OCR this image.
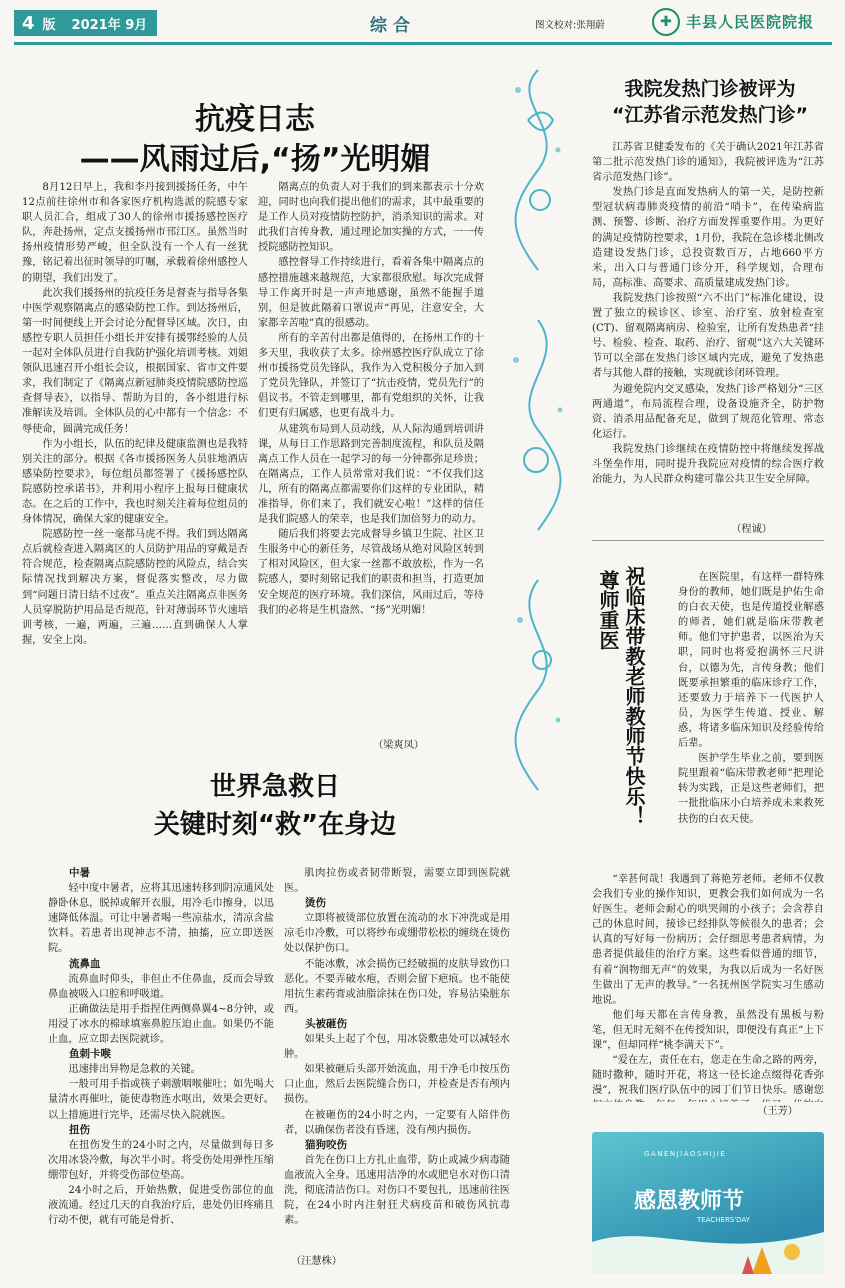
4 版 2021年 9月	综合	图文校对:张翔蔚	✚ 丰县人民医院院报
抗疫日志
——风雨过后,“扬”光明媚

8月12日早上，我和李丹接到援扬任务，中午12点前往徐州市和各家医疗机构选派的院感专家职人员汇合，组成了30人的徐州市援扬感控医疗队，奔赴扬州，定点支援扬州市邗江区。虽然当时扬州疫情形势严峻，但全队没有一个人有一丝犹豫，铭记着出征时领导的叮嘱，承载着徐州感控人的期望，我们出发了。

此次我们援扬州的抗疫任务是督查与指导各集中医学观察隔离点的感染防控工作。到达扬州后，第一时间便线上开会讨论分配督导区域。次日，由感控专职人员担任小组长并安排有援鄂经验的人员一起对全体队员进行自我防护强化培训考核。刘姐领队迅速召开小组长会议，根据国家、省市文件要求，我们制定了《隔离点新冠肺炎疫情院感防控巡查督导表》，以指导、帮助为目的，各小组进行标准解读及培训。全体队员的心中都有一个信念：不辱使命，圆满完成任务！

作为小组长，队伍的纪律及健康监测也是我特别关注的部分。根据《各市援扬医务人员驻地酒店感染防控要求》，每位组员都签署了《援扬感控队院感防控承诺书》，并利用小程序上报每日健康状态。在之后的工作中，我也时刻关注着每位组员的身体情况，确保大家的健康安全。

院感防控一丝一毫都马虎不得。我们到达隔离点后就检查进入隔离区的人员防护用品的穿戴是否符合规范，检查隔离点院感防控的风险点，结合实际情况找到解决方案，督促落实整改，尽力做到“问题日清日结不过夜”。重点关注隔离点非医务人员穿脱防护用品是否规范，针对薄弱环节火速培训考核，一遍，两遍，三遍……直到确保人人掌握，安全上岗。

隔离点的负责人对于我们的到来都表示十分欢迎，同时也向我们提出他们的需求，其中最重要的是工作人员对疫情防控防护，消杀知识的需求。对此我们言传身教，通过理论加实操的方式，一一传授院感防控知识。

感控督导工作持续进行，看着各集中隔离点的感控措施越来越规范，大家都很欣慰。每次完成督导工作离开时是一声声地感谢，虽然不能握手道别，但是彼此隔着口罩说声“再见，注意安全，大家都辛苦啦”真的很感动。

所有的辛苦付出都是值得的，在扬州工作的十多天里，我收获了太多。徐州感控医疗队成立了徐州市援扬党员先锋队，我作为入党积极分子加入到了党员先锋队，并签订了“抗击疫情，党员先行”的倡议书。不管走到哪里，都有党组织的关怀，让我们更有归属感，也更有战斗力。

从建筑布局到人员动线，从人际沟通到培训讲课，从每日工作思路到完善制度流程，和队员及隔离点工作人员在一起学习的每一分钟都弥足珍贵；在隔离点，工作人员常常对我们说：“不仅我们这儿，所有的隔离点都需要你们这样的专业团队，精准指导，你们来了，我们就安心啦！”这样的信任是我们院感人的荣幸，也是我们加倍努力的动力。

随后我们将要去完成督导乡镇卫生院、社区卫生服务中心的新任务，尽管战场从绝对风险区转到了相对风险区，但大家一丝都不敢放松，作为一名院感人，要时刻铭记我们的职责和担当，打造更加安全规范的医疗环境。我们深信，风雨过后，等待我们的必将是生机盎然、“扬”光明媚！

（梁爽凤）
世界急救日
关键时刻“救”在身边

中暑

轻中度中暑者，应将其迅速转移到阴凉通风处静卧休息，脱掉或解开衣服，用冷毛巾擦身，以迅速降低体温。可让中暑者喝一些凉盐水，清凉含盐饮料。若患者出现神志不清，抽搐，应立即送医院。

流鼻血

流鼻血时仰头，非但止不住鼻血，反而会导致鼻血被吸入口腔和呼吸道。

正确做法是用手指捏住两侧鼻翼4~8分钟，或用浸了冰水的棉球填塞鼻腔压迫止血。如果仍不能止血，应立即去医院就诊。

鱼刺卡喉

迅速排出异物是急救的关键。

一般可用手指或筷子刺激咽喉催吐；如先喝大量清水再催吐，能使毒物连水呕出，效果会更好。以上措施进行完毕，还需尽快入院就医。

扭伤

在扭伤发生的24小时之内，尽量做到每日多次用冰袋冷敷，每次半小时。将受伤处用弹性压缩绷带包好，并将受伤部位垫高。

24小时之后，开始热敷，促进受伤部位的血液流通。经过几天的自我治疗后，患处仍旧疼痛且行动不便，就有可能是骨折、

肌肉拉伤或者韧带断裂，需要立即到医院就医。

烫伤

立即将被烫部位放置在流动的水下冲洗或是用凉毛巾冷敷，可以将纱布或绷带松松的缠绕在烫伤处以保护伤口。

不能冰敷，冰会损伤已经破损的皮肤导致伤口恶化。不要弄破水疱，否则会留下疤痕。也不能使用抗生素药膏或油脂涂抹在伤口处，容易沾染脏东西。

头被砸伤

如果头上起了个包，用冰袋敷患处可以减轻水肿。

如果被砸后头部开始流血，用干净毛巾按压伤口止血，然后去医院缝合伤口，并检查是否有颅内损伤。

在被砸伤的24小时之内，一定要有人陪伴伤者，以确保伤者没有昏迷，没有颅内损伤。

猫狗咬伤

首先在伤口上方扎止血带，防止或减少病毒随血液流入全身。迅速用洁净的水或肥皂水对伤口清洗，彻底清洁伤口。对伤口不要包扎，迅速前往医院，在24小时内注射狂犬病疫苗和破伤风抗毒素。

（汪慧株）
我院发热门诊被评为
“江苏省示范发热门诊”

江苏省卫健委发布的《关于确认2021年江苏省第二批示范发热门诊的通知》，我院被评选为“江苏省示范发热门诊”。

发热门诊是直面发热病人的第一关，是防控新型冠状病毒肺炎疫情的前沿“哨卡”，在传染病监测、预警、诊断、治疗方面发挥重要作用。为更好的满足疫情防控要求，1月份，我院在急诊楼北侧改造建设发热门诊，总投资数百万，占地660平方米，出入口与普通门诊分开，科学规划，合理布局，高标准、高要求、高质量建成发热门诊。

我院发热门诊按照“六不出门”标准化建设，设置了独立的候诊区、诊室、治疗室、放射检查室(CT)、留观隔离病房、检验室，让所有发热患者“挂号、检验、检查、取药、治疗、留观”这六大关键环节可以全部在发热门诊区域内完成，避免了发热患者与其他人群的接触，实现就诊闭环管理。

为避免院内交叉感染，发热门诊严格划分“三区两通道”，布局流程合理，设备设施齐全，防护物资、消杀用品配备充足，做到了规范化管理、常态化运行。

我院发热门诊继续在疫情防控中将继续发挥战斗堡垒作用，同时提升我院应对疫情的综合医疗救治能力，为人民群众构建可靠公共卫生安全屏障。

（程诚）
尊师重医 祝临床带教老师教师节快乐！	在医院里，有这样一群特殊身份的教师，她们既是护佑生命的白衣天使，也是传道授业解惑的师者，她们就是临床带教老师。他们守护患者，以医治为天职，同时也将爱抱满怀三尺讲台，以德为先，言传身教；他们既要承担繁重的临床诊疗工作，还要致力于培养下一代医护人员，为医学生传道、授业、解惑，将诸多临床知识及经验传给后辈。

医护学生毕业之前，要到医院里跟着“临床带教老师”把理论转为实践，正是这些老师们，把一批批临床小白培养成未来救死扶伤的白衣天使。

“幸甚何哉！我遇到了蒋艳芳老师。老师不仅教会我们专业的操作知识，更教会我们如何成为一名好医生。老师会耐心的哄哭闹的小孩子；会含荐自己的休息时间，接诊已经排队等候很久的患者；会认真的写好每一份病历；会仔细思考患者病情，为患者提供最佳的治疗方案。这些看似普通的细节，有着“润物细无声”的效果，为我以后成为一名好医生做出了无声的教导。”一名抚州医学院实习生感动地说。

他们每天都在言传身教，虽然没有黑板与粉笔，但无时无刻不在传授知识，即便没有真正“上下课”，但却同样“桃李满天下”。

“爱在左，责任在右，您走在生命之路的两旁，随时撒种，随时开花，将这一径长途点缀得花香弥漫”，祝我们医疗队伍中的园丁们节日快乐。感谢您

（王芳）
GANENJIAOSHIJIE
感恩教师节
TEACHERS'DAY
